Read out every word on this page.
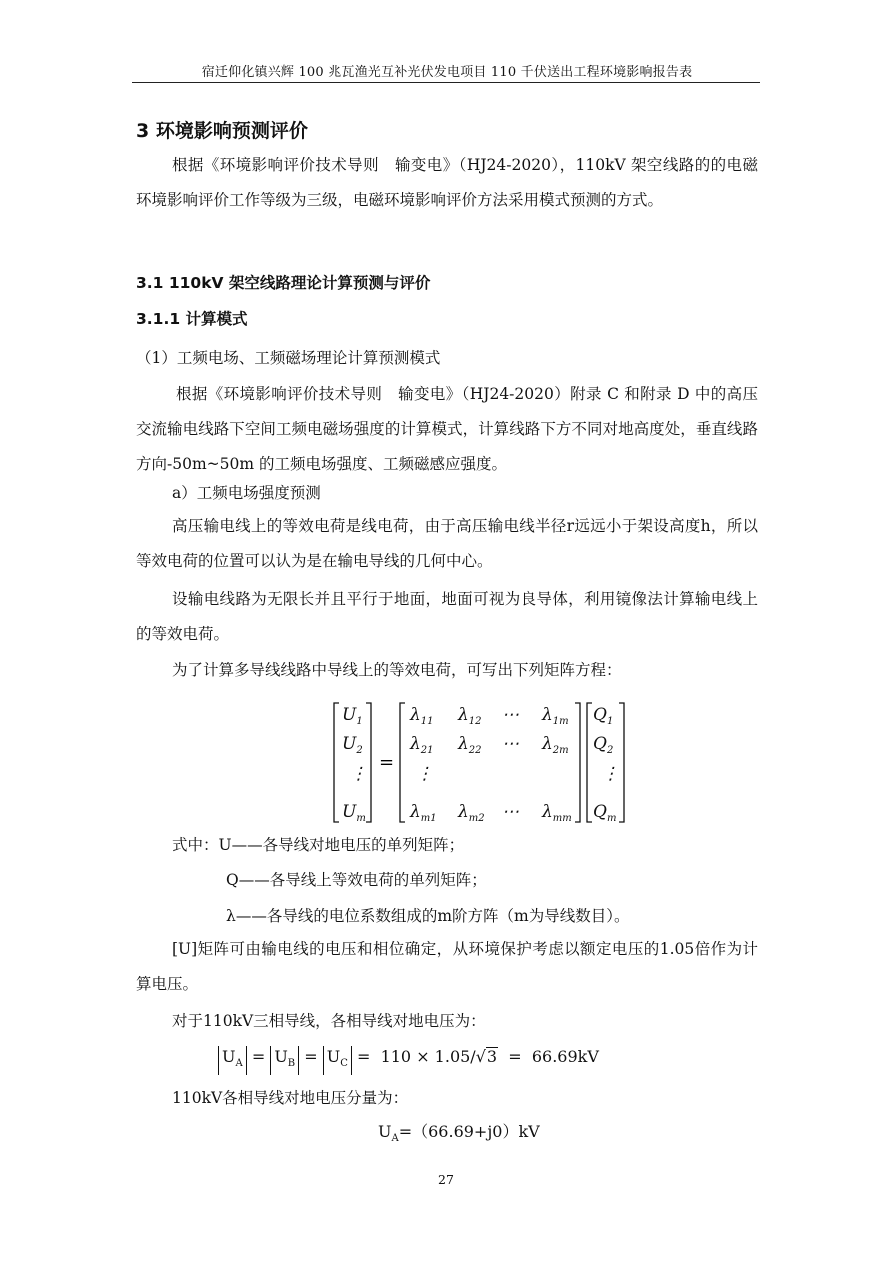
宿迁仰化镇兴辉 100 兆瓦渔光互补光伏发电项目 110 千伏送出工程环境影响报告表
3 环境影响预测评价
根据《环境影响评价技术导则　输变电》（HJ24-2020），110kV 架空线路的的电磁环境影响评价工作等级为三级，电磁环境影响评价方法采用模式预测的方式。
3.1 110kV 架空线路理论计算预测与评价
3.1.1 计算模式
（1）工频电场、工频磁场理论计算预测模式
根据《环境影响评价技术导则　输变电》（HJ24-2020）附录 C 和附录 D 中的高压交流输电线路下空间工频电磁场强度的计算模式，计算线路下方不同对地高度处，垂直线路方向-50m~50m 的工频电场强度、工频磁感应强度。
a）工频电场强度预测
高压输电线上的等效电荷是线电荷，由于高压输电线半径r远远小于架设高度h，所以等效电荷的位置可以认为是在输电导线的几何中心。
设输电线路为无限长并且平行于地面，地面可视为良导体，利用镜像法计算输电线上的等效电荷。
为了计算多导线线路中导线上的等效电荷，可写出下列矩阵方程：
$U_1$
$U_2$
⋮
$U_m$
=
$\lambda_{11}$ $\lambda_{12}$ ⋯ $\lambda_{1m}$
$\lambda_{21}$ $\lambda_{22}$ ⋯ $\lambda_{2m}$
⋮
$\lambda_{m1}$ $\lambda_{m2}$ ⋯ $\lambda_{mm}$
$Q_1$
$Q_2$
⋮
$Q_m$
式中：U——各导线对地电压的单列矩阵；
Q——各导线上等效电荷的单列矩阵；
λ——各导线的电位系数组成的m阶方阵（m为导线数目）。
[U]矩阵可由输电线的电压和相位确定，从环境保护考虑以额定电压的1.05倍作为计算电压。
对于110kV三相导线，各相导线对地电压为：
$U_A = U_B = U_C = 110 \times 1.05/√3 = 66.69kV$
110kV各相导线对地电压分量为：
$U_A=(66.69+j0)kV$
27
